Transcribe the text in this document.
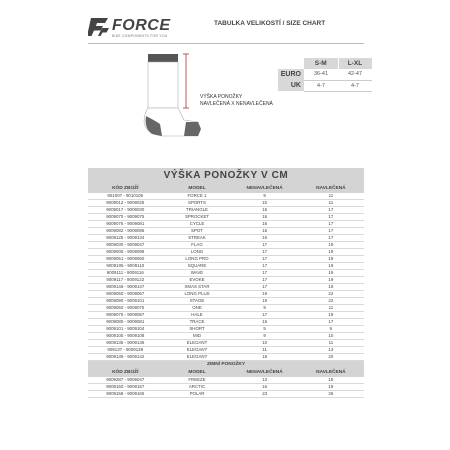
FORCE
BIKE COMPONENTS FOR YOU
TABULKA VELIKOSTÍ / SIZE CHART
VÝŠKA PONOŽKY
NAVLEČENÁ X NENAVLEČENÁ
	S-M	L-XL
EURO	36-41	42-47
UK	4-7	4-7
VÝŠKA PONOŽKY V CM
KÓD ZBOŽÍ	MODEL	NENAVLEČENÁ	NAVLEČENÁ
901007 - 9010105	FORCE 1	9	11
9009012 - 9009025	SPORTS	10	11
9009017 - 9009030	TRIANGLE	15	17
9009070 - 9009075	SPROCKET	16	17
9009076 - 9009081	CYCLE	16	17
9009082 - 9009086	SPOT	16	17
9009125 - 9009134	STREAK	16	17
9009030 - 9009047	FLAG	17	19
9009005 - 9009099	LONG	17	19
9009051 - 9009060	LONG PRO	17	19
9009105 - 9009110	SQUARE	17	19
9009111 - 9009116	WAVE	17	19
9009117 - 9009122	EVOKE	17	19
9009146 - 9009147	XMAS STAR	17	19
9009050 - 9009067	LONG PLUS	19	22
9009090 - 9009101	STAGE	19	22
9009060 - 9009075	ONE	9	11
9009076 - 9009087	HALE	17	19
9009080 - 9009081	TRACE	15	17
9009101 - 9009104	SHORT	5	6
9009105 - 9009108	MID	9	10
9009135 - 9009136	ELEGANT	10	11
909137 - 9009138	ELEGANT	11	13
9009139 - 9009142	ELEGANT	18	20
ZIMNÍ PONOŽKY
KÓD ZBOŽÍ	MODEL	NENAVLEČENÁ	NAVLEČENÁ
9009287 - 9009047	FREEZE	13	15
9009150 - 9009157	ARCTIC	16	19
9009158 - 9009165	POLAR	23	26
